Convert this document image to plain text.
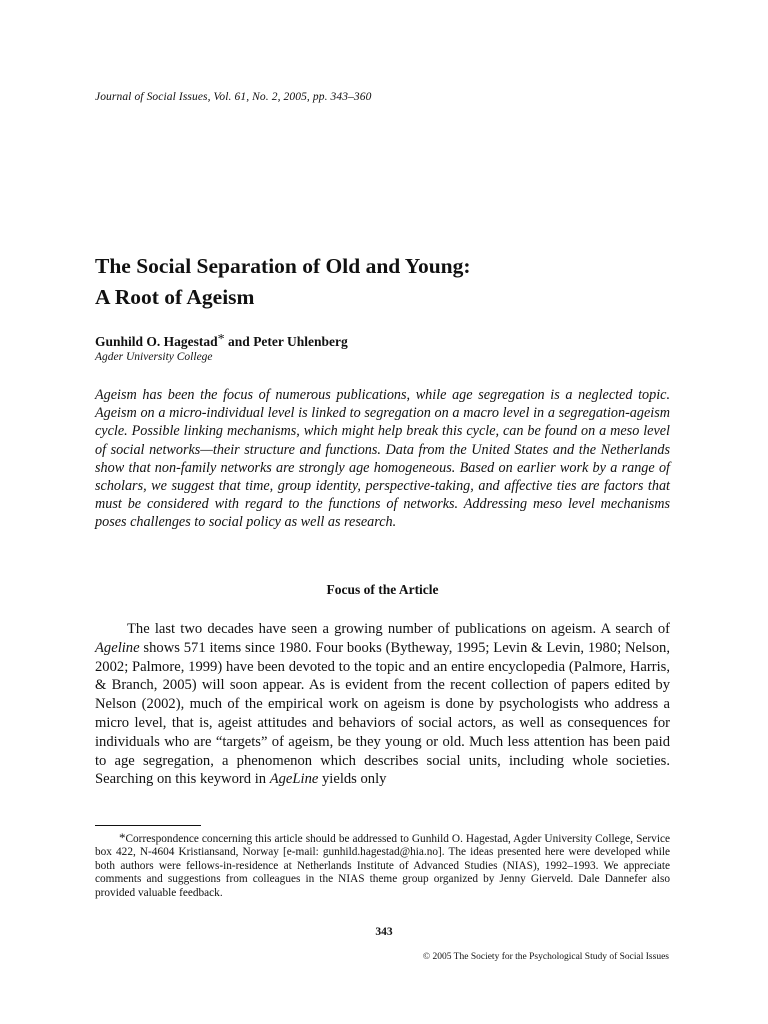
Journal of Social Issues, Vol. 61, No. 2, 2005, pp. 343–360
The Social Separation of Old and Young:
A Root of Ageism
Gunhild O. Hagestad* and Peter Uhlenberg
Agder University College

Ageism has been the focus of numerous publications, while age segregation is a neglected topic. Ageism on a micro-individual level is linked to segregation on a macro level in a segregation-ageism cycle. Possible linking mechanisms, which might help break this cycle, can be found on a meso level of social networks—their structure and functions. Data from the United States and the Netherlands show that non-family networks are strongly age homogeneous. Based on earlier work by a range of scholars, we suggest that time, group identity, perspective-taking, and affective ties are factors that must be considered with regard to the functions of networks. Addressing meso level mechanisms poses challenges to social policy as well as research.

Focus of the Article

The last two decades have seen a growing number of publications on ageism. A search of Ageline shows 571 items since 1980. Four books (Bytheway, 1995; Levin & Levin, 1980; Nelson, 2002; Palmore, 1999) have been devoted to the topic and an entire encyclopedia (Palmore, Harris, & Branch, 2005) will soon appear. As is evident from the recent collection of papers edited by Nelson (2002), much of the empirical work on ageism is done by psychologists who address a micro level, that is, ageist attitudes and behaviors of social actors, as well as consequences for individuals who are “targets” of ageism, be they young or old. Much less attention has been paid to age segregation, a phenomenon which describes social units, including whole societies. Searching on this keyword in AgeLine yields only

*Correspondence concerning this article should be addressed to Gunhild O. Hagestad, Agder University College, Service box 422, N-4604 Kristiansand, Norway [e-mail: gunhild.hagestad@hia.no]. The ideas presented here were developed while both authors were fellows-in-residence at Netherlands Institute of Advanced Studies (NIAS), 1992–1993. We appreciate comments and suggestions from colleagues in the NIAS theme group organized by Jenny Gierveld. Dale Dannefer also provided valuable feedback.

343
© 2005 The Society for the Psychological Study of Social Issues
